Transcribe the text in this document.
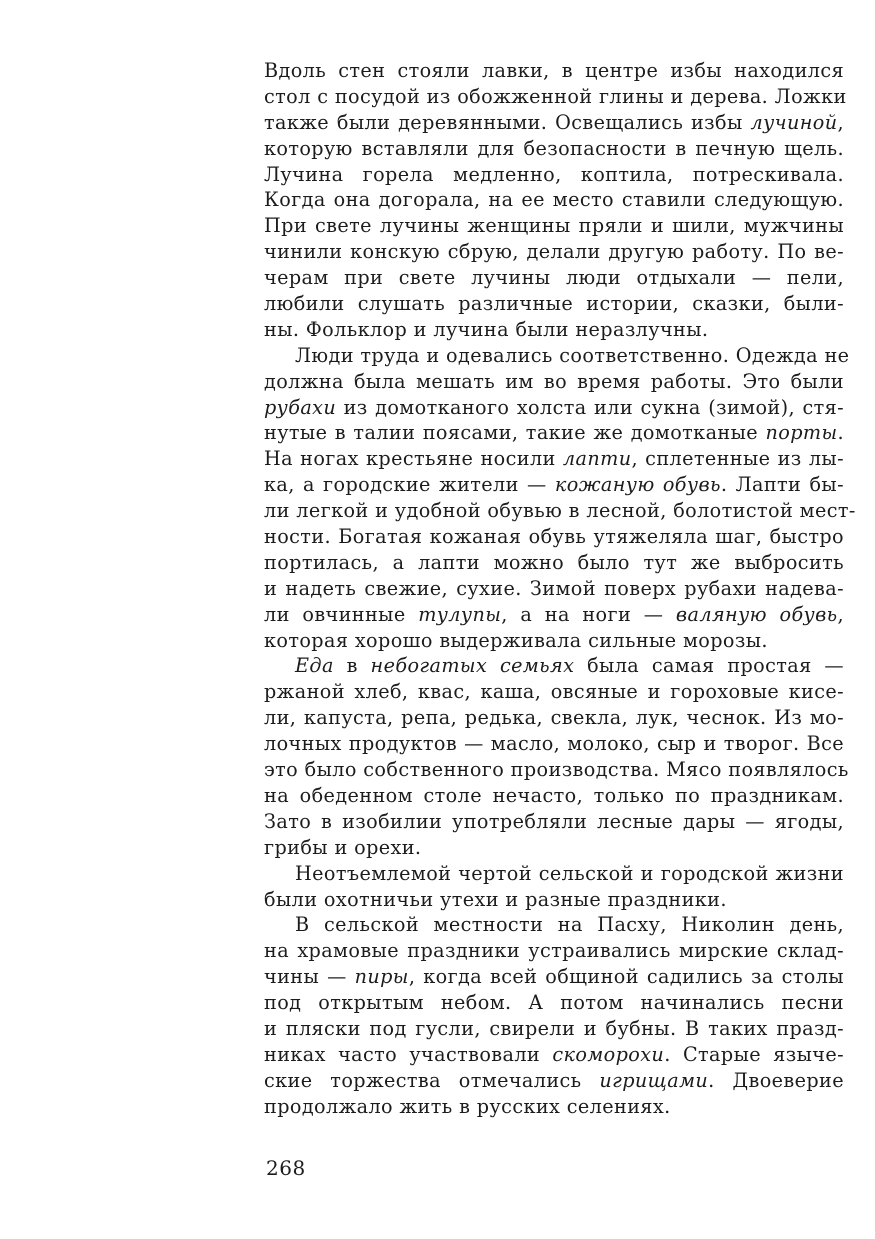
Вдоль стен стояли лавки, в центре избы находился
стол с посудой из обожженной глины и дерева. Ложки
также были деревянными. Освещались избы лучиной,
которую вставляли для безопасности в печную щель.
Лучина горела медленно, коптила, потрескивала.
Когда она догорала, на ее место ставили следующую.
При свете лучины женщины пряли и шили, мужчины
чинили конскую сбрую, делали другую работу. По ве-
черам при свете лучины люди отдыхали — пели,
любили слушать различные истории, сказки, были-
ны. Фольклор и лучина были неразлучны.
Люди труда и одевались соответственно. Одежда не
должна была мешать им во время работы. Это были
рубахи из домотканого холста или сукна (зимой), стя-
нутые в талии поясами, такие же домотканые порты.
На ногах крестьяне носили лапти, сплетенные из лы-
ка, а городские жители — кожаную обувь. Лапти бы-
ли легкой и удобной обувью в лесной, болотистой мест-
ности. Богатая кожаная обувь утяжеляла шаг, быстро
портилась, а лапти можно было тут же выбросить
и надеть свежие, сухие. Зимой поверх рубахи надева-
ли овчинные тулупы, а на ноги — валяную обувь,
которая хорошо выдерживала сильные морозы.
Еда в небогатых семьях была самая простая —
ржаной хлеб, квас, каша, овсяные и гороховые кисе-
ли, капуста, репа, редька, свекла, лук, чеснок. Из мо-
лочных продуктов — масло, молоко, сыр и творог. Все
это было собственного производства. Мясо появлялось
на обеденном столе нечасто, только по праздникам.
Зато в изобилии употребляли лесные дары — ягоды,
грибы и орехи.
Неотъемлемой чертой сельской и городской жизни
были охотничьи утехи и разные праздники.
В сельской местности на Пасху, Николин день,
на храмовые праздники устраивались мирские склад-
чины — пиры, когда всей общиной садились за столы
под открытым небом. А потом начинались песни
и пляски под гусли, свирели и бубны. В таких празд-
никах часто участвовали скоморохи. Старые языче-
ские торжества отмечались игрищами. Двоеверие
продолжало жить в русских селениях.
268
